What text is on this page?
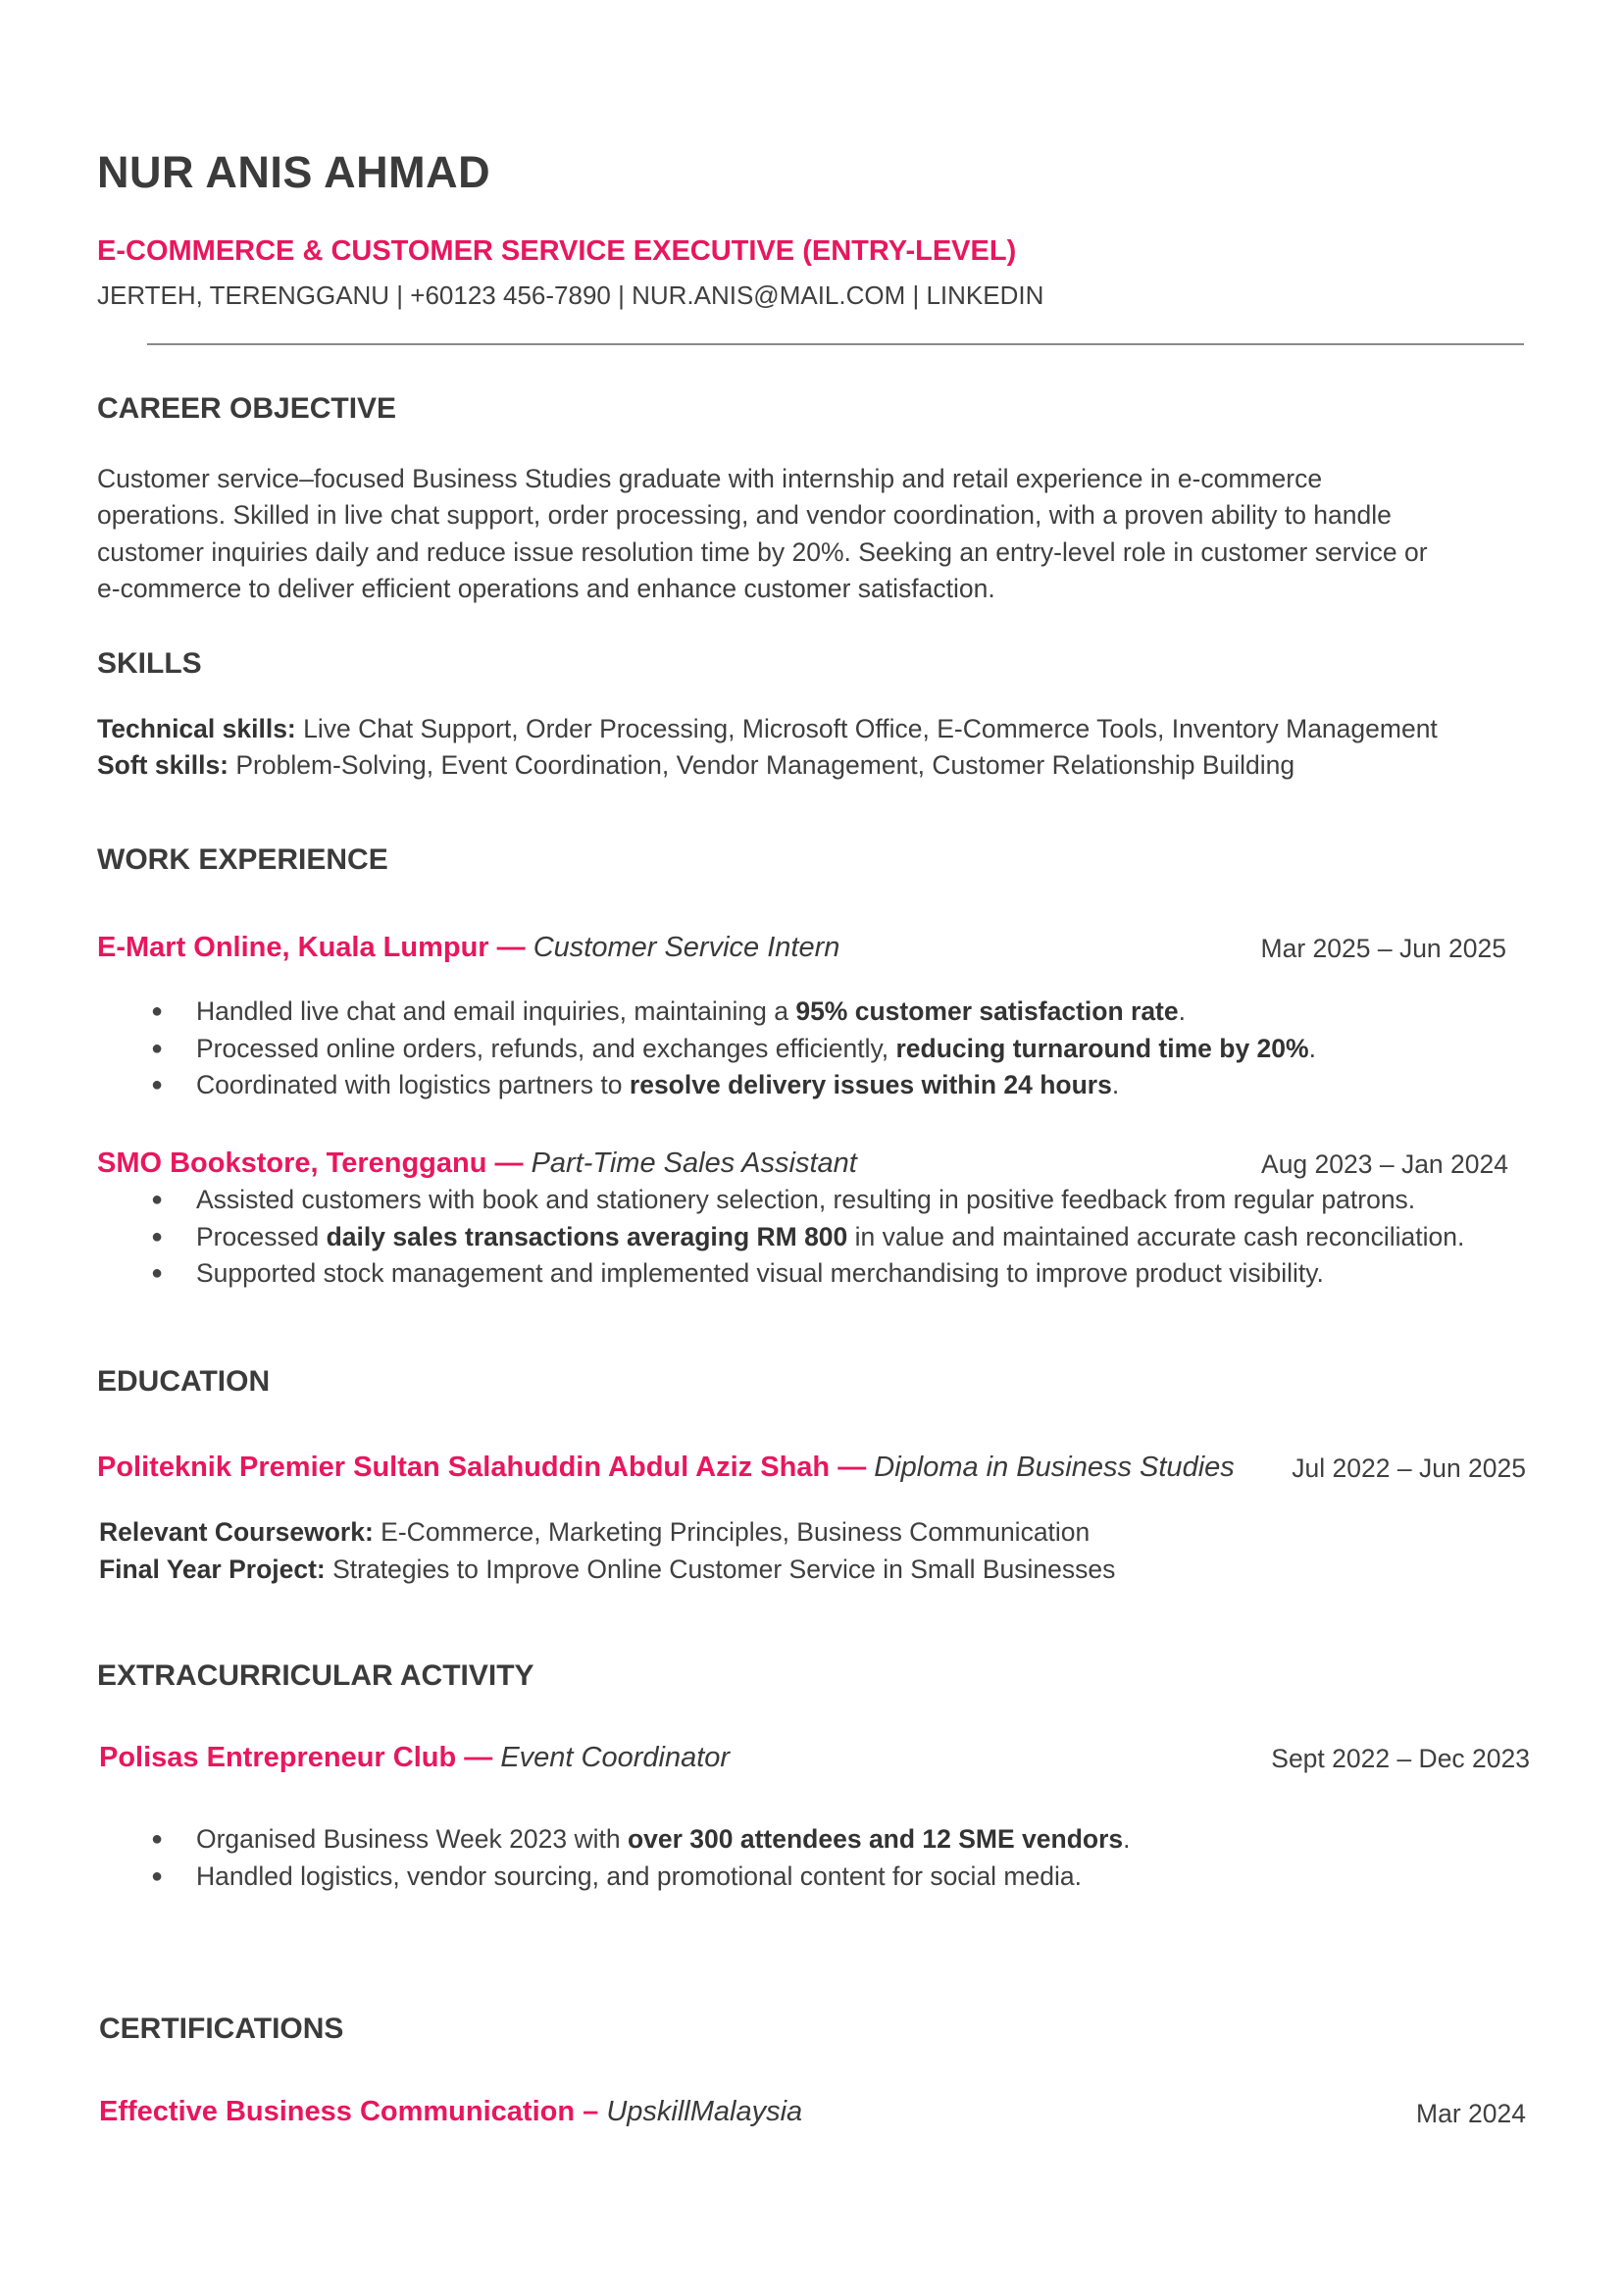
NUR ANIS AHMAD
E-COMMERCE & CUSTOMER SERVICE EXECUTIVE (ENTRY-LEVEL)
JERTEH, TERENGGANU | +60123 456-7890 | NUR.ANIS@MAIL.COM | LINKEDIN
CAREER OBJECTIVE
Customer service–focused Business Studies graduate with internship and retail experience in e-commerce
operations. Skilled in live chat support, order processing, and vendor coordination, with a proven ability to handle
customer inquiries daily and reduce issue resolution time by 20%. Seeking an entry-level role in customer service or
e-commerce to deliver efficient operations and enhance customer satisfaction.
SKILLS
Technical skills: Live Chat Support, Order Processing, Microsoft Office, E-Commerce Tools, Inventory Management
Soft skills: Problem-Solving, Event Coordination, Vendor Management, Customer Relationship Building
WORK EXPERIENCE
E-Mart Online, Kuala Lumpur — Customer Service Intern	Mar 2025 – Jun 2025
● Handled live chat and email inquiries, maintaining a 95% customer satisfaction rate.
● Processed online orders, refunds, and exchanges efficiently, reducing turnaround time by 20%.
● Coordinated with logistics partners to resolve delivery issues within 24 hours.
SMO Bookstore, Terengganu — Part-Time Sales Assistant	Aug 2023 – Jan 2024
● Assisted customers with book and stationery selection, resulting in positive feedback from regular patrons.
● Processed daily sales transactions averaging RM 800 in value and maintained accurate cash reconciliation.
● Supported stock management and implemented visual merchandising to improve product visibility.
EDUCATION
Politeknik Premier Sultan Salahuddin Abdul Aziz Shah — Diploma in Business Studies Jul 2022 – Jun 2025
Relevant Coursework: E-Commerce, Marketing Principles, Business Communication
Final Year Project: Strategies to Improve Online Customer Service in Small Businesses
EXTRACURRICULAR ACTIVITY
Polisas Entrepreneur Club — Event Coordinator	Sept 2022 – Dec 2023
● Organised Business Week 2023 with over 300 attendees and 12 SME vendors.
● Handled logistics, vendor sourcing, and promotional content for social media.
CERTIFICATIONS
Effective Business Communication – UpskillMalaysia	Mar 2024
